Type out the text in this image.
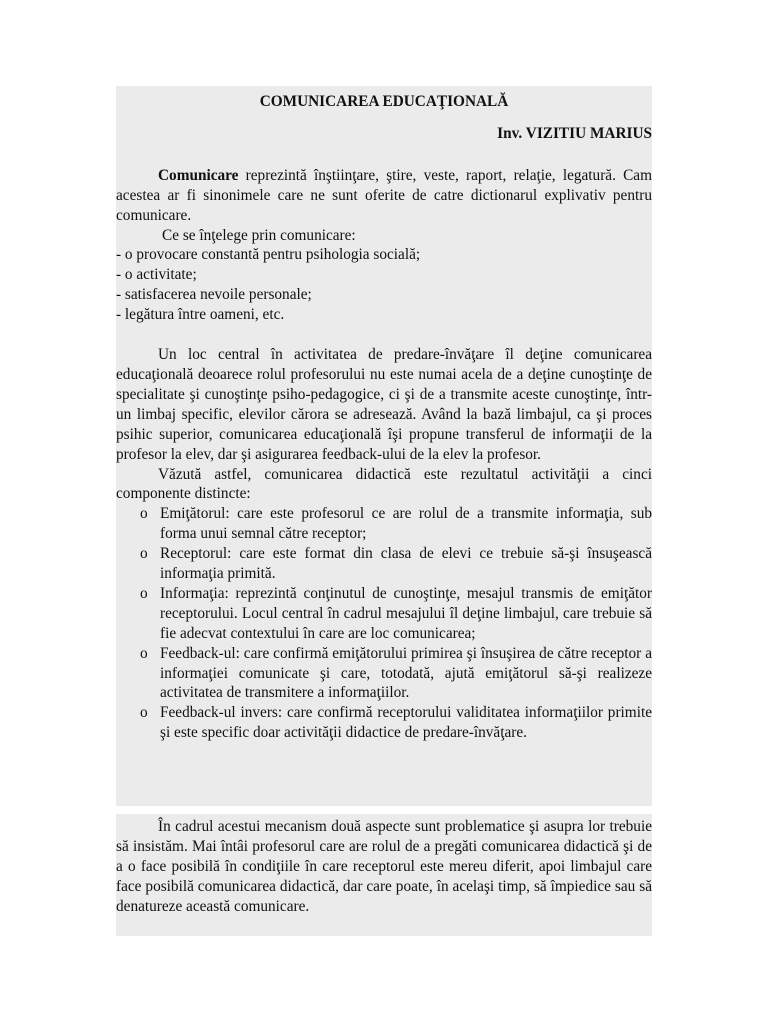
COMUNICAREA EDUCAŢIONALĂ

Inv. VIZITIU MARIUS

Comunicare reprezintă înştiinţare, ştire, veste, raport, relaţie, legatură. Cam acestea ar fi sinonimele care ne sunt oferite de catre dictionarul explivativ pentru comunicare.

Ce se înţelege prin comunicare:

- o provocare constantă pentru psihologia socială;

- o activitate;

- satisfacerea nevoile personale;

- legătura între oameni, etc.

Un loc central în activitatea de predare-învăţare îl deţine comunicarea educaţională deoarece rolul profesorului nu este numai acela de a deţine cunoştinţe de specialitate şi cunoştinţe psiho-pedagogice, ci şi de a transmite aceste cunoştinţe, într-un limbaj specific, elevilor cărora se adresează. Având la bază limbajul, ca şi proces psihic superior, comunicarea educaţională îşi propune transferul de informaţii de la profesor la elev, dar şi asigurarea feedback-ului de la elev la profesor.

Văzută astfel, comunicarea didactică este rezultatul activităţii a cinci componente distincte:

o Emiţătorul: care este profesorul ce are rolul de a transmite informaţia, sub forma unui semnal către receptor;
o Receptorul: care este format din clasa de elevi ce trebuie să-şi însuşească informaţia primită.
o Informaţia: reprezintă conţinutul de cunoştinţe, mesajul transmis de emiţător receptorului. Locul central în cadrul mesajului îl deţine limbajul, care trebuie să fie adecvat contextului în care are loc comunicarea;
o Feedback-ul: care confirmă emiţătorului primirea şi însuşirea de către receptor a informaţiei comunicate şi care, totodată, ajută emiţătorul să-şi realizeze activitatea de transmitere a informaţiilor.
o Feedback-ul invers: care confirmă receptorului validitatea informaţiilor primite şi este specific doar activităţii didactice de predare-învăţare.

În cadrul acestui mecanism două aspecte sunt problematice şi asupra lor trebuie să insistăm. Mai întâi profesorul care are rolul de a pregăti comunicarea didactică şi de a o face posibilă în condiţiile în care receptorul este mereu diferit, apoi limbajul care face posibilă comunicarea didactică, dar care poate, în acelaşi timp, să împiedice sau să denatureze această comunicare.
